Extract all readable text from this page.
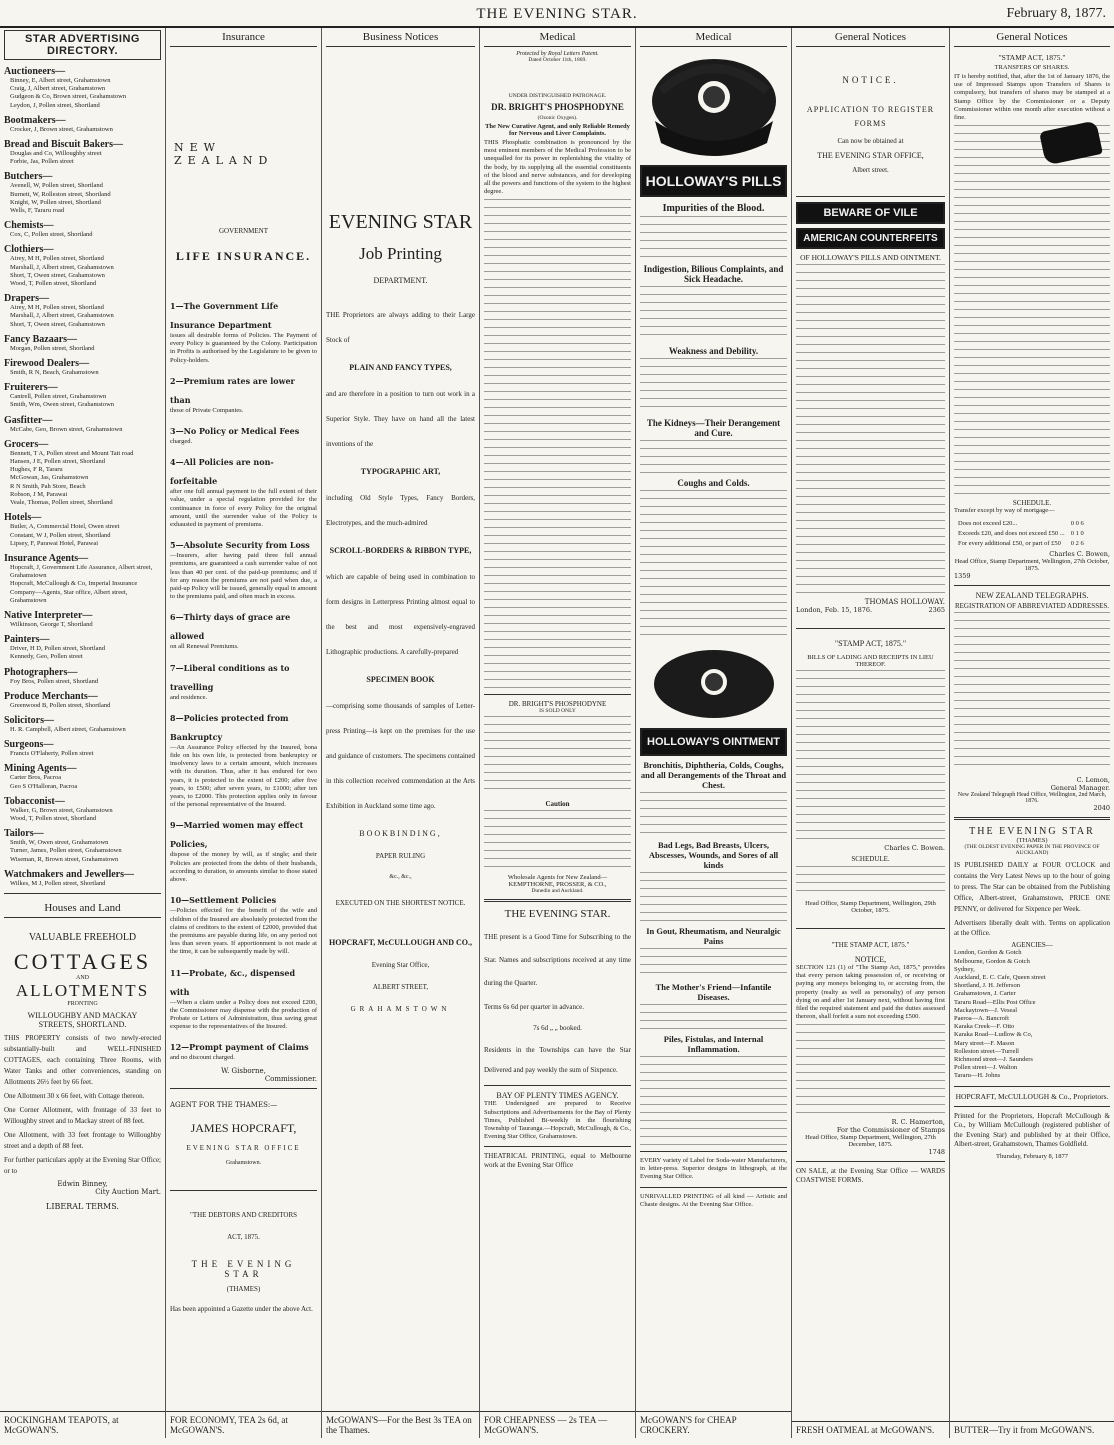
THE EVENING STAR.	February 8, 1877.
STAR ADVERTISING DIRECTORY.
Auctioneers—

Binney, E, Albert street, Grahamstown

Craig, J, Albert street, Grahamstown

Gudgeon & Co, Brown street, Grahamstown

Leydon, J, Pollen street, Shortland

Bootmakers—

Crocker, J, Brown street, Grahamstown

Bread and Biscuit Bakers—

Douglas and Co, Willoughby street

Forbie, Jas, Pollen street

Butchers—

Avenell, W, Pollen street, Shortland

Burnett, W, Rolleston street, Shortland

Knight, W, Pollen street, Shortland

Wells, F, Tararu road

Chemists—

Cox, C, Pollen street, Shortland

Clothiers—

Airey, M H, Pollen street, Shortland

Marshall, J, Albert street, Grahamstown

Short, T, Owen street, Grahamstown

Wood, T, Pollen street, Shortland

Drapers—

Airey, M H, Pollen street, Shortland

Marshall, J, Albert street, Grahamstown

Short, T, Owen street, Grahamstown

Fancy Bazaars—

Morgan, Pollen street, Shortland

Firewood Dealers—

Smith, R N, Beach, Grahamstown

Fruiterers—

Cantrell, Pollen street, Grahamstown

Smith, Wm, Owen street, Grahamstown

Gasfitter—

McCabe, Geo, Brown street, Grahamstown

Grocers—

Bennett, T A, Pollen street and Mount Tait road

Hansen, J E, Pollen street, Shortland

Hughes, F R, Tararu

McGowan, Jas, Grahamstown

R N Smith, Pah Store, Beach

Robson, J M, Parawai

Veale, Thomas, Pollen street, Shortland

Hotels—

Butler, A, Commercial Hotel, Owen street

Constant, W J, Pollen street, Shortland

Lipsey, F, Parawai Hotel, Parawai

Insurance Agents—

Hopcraft, J, Government Life Assurance, Albert street, Grahamstown

Hopcraft, McCullough & Co, Imperial Insurance Company—Agents, Star office, Albert street, Grahamstown

Native Interpreter—

Wilkinson, George T, Shortland

Painters—

Driver, H D, Pollen street, Shortland

Kennedy, Geo, Pollen street

Photographers—

Foy Bros, Pollen street, Shortland

Produce Merchants—

Greenwood B, Pollen street, Shortland

Solicitors—

H. R. Campbell, Albert street, Grahamstown

Surgeons—

Francis O'Flaherty, Pollen street

Mining Agents—

Carter Bros, Pacroa

Geo S O'Halloran, Pacroa

Tobacconist—

Walker, G, Brown street, Grahamstown

Wood, T, Pollen street, Shortland

Tailors—

Smith, W, Owen street, Grahamstown

Turner, James, Pollen street, Grahamstown

Wiseman, R, Brown street, Grahamstown

Watchmakers and Jewellers—

Wilkes, M J, Pollen street, Shortland

Houses and Land
VALUABLE FREEHOLD
COTTAGES
AND
ALLOTMENTS
FRONTING
WILLOUGHBY AND MACKAY STREETS, SHORTLAND.

THIS PROPERTY consists of two newly-erected substantially-built and WELL-FINISHED COTTAGES, each containing Three Rooms, with Water Tanks and other conveniences, standing on Allotments 26½ feet by 66 feet.

One Allotment 30 x 66 feet, with Cottage thereon.

One Corner Allotment, with frontage of 33 feet to Willoughby street and to Mackay street of 88 feet.

One Allotment, with 33 feet frontage to Willoughby street and a depth of 88 feet.

For further particulars apply at the Evening Star Office; or to

Edwin Binney,
City Auction Mart.
LIBERAL TERMS.
ROCKINGHAM TEAPOTS, at McGOWAN'S.
Insurance
NEW ZEALAND
GOVERNMENT
LIFE INSURANCE.
1—The Government Life Insurance Department
issues all desirable forms of Policies. The Payment of every Policy is guaranteed by the Colony. Participation in Profits is authorised by the Legislature to be given to Policy-holders.
2—Premium rates are lower than
those of Private Companies.
3—No Policy or Medical Fees
charged.
4—All Policies are non-forfeitable
after one full annual payment to the full extent of their value, under a special regulation provided for the continuance in force of every Policy for the original amount, until the surrender value of the Policy is exhausted in payment of premiums.
5—Absolute Security from Loss
—Insurers, after having paid three full annual premiums, are guaranteed a cash surrender value of not less than 40 per cent. of the paid-up premiums; and if for any reason the premiums are not paid when due, a paid-up Policy will be issued, generally equal in amount to the premiums paid, and often much in excess.
6—Thirty days of grace are allowed
on all Renewal Premiums.
7—Liberal conditions as to travelling
and residence.
8—Policies protected from Bankruptcy
—An Assurance Policy effected by the Insured, bona fide on his own life, is protected from bankruptcy or insolvency laws to a certain amount, which increases with its duration. Thus, after it has endured for two years, it is protected to the extent of £200; after five years, to £500; after seven years, to £1000; after ten years, to £2000. This protection applies only in favour of the personal representative of the Insured.
9—Married women may effect Policies,
dispose of the money by will, as if single; and their Policies are protected from the debts of their husbands, according to duration, to amounts similar to those stated above.
10—Settlement Policies
—Policies effected for the benefit of the wife and children of the Insured are absolutely protected from the claims of creditors to the extent of £2000, provided that the premiums are payable during life, on any period not less than seven years. If apportionment is not made at the time, it can be subsequently made by will.
11—Probate, &c., dispensed with
—When a claim under a Policy does not exceed £200, the Commissioner may dispense with the production of Probate or Letters of Administration, thus saving great expense to the representatives of the Insured.
12—Prompt payment of Claims
and no discount charged.
W. Gisborne,
Commissioner.
AGENT FOR THE THAMES:—
JAMES HOPCRAFT,
EVENING STAR OFFICE
Grahamstown.
"THE DEBTORS AND CREDITORS
ACT, 1875.
THE EVENING STAR
(THAMES)
Has been appointed a Gazette under the above Act.
FOR ECONOMY, TEA 2s 6d, at McGOWAN'S.
Business Notices
EVENING STAR
Job Printing
DEPARTMENT.
THE Proprietors are always adding to their Large Stock of
PLAIN AND FANCY TYPES,
and are therefore in a position to turn out work in a Superior Style. They have on hand all the latest inventions of the
TYPOGRAPHIC ART,
including Old Style Types, Fancy Borders, Electrotypes, and the much-admired
SCROLL-BORDERS & RIBBON TYPE,
which are capable of being used in combination to form designs in Letterpress Printing almost equal to the best and most expensively-engraved Lithographic productions. A carefully-prepared
SPECIMEN BOOK
—comprising some thousands of samples of Letter-press Printing—is kept on the premises for the use and guidance of customers. The specimens contained in this collection received commendation at the Arts Exhibition in Auckland some time ago.
BOOKBINDING,
PAPER RULING
&c., &c.,
EXECUTED ON THE SHORTEST NOTICE.
HOPCRAFT, McCULLOUGH AND CO.,
Evening Star Office,
ALBERT STREET,
GRAHAMSTOWN
McGOWAN'S—For the Best 3s TEA on the Thames.
Medical
Protected by Royal Letters Patent.
Dated October 11th, 1869.
UNDER DISTINGUISHED PATRONAGE.
DR. BRIGHT'S PHOSPHODYNE
(Ozonic Oxygen).
The New Curative Agent, and only Reliable Remedy for Nervous and Liver Complaints.

THIS Phosphatic combination is pronounced by the most eminent members of the Medical Profession to be unequalled for its power in replenishing the vitality of the body, by its supplying all the essential constituents of the blood and nerve substances, and for developing all the powers and functions of the system to the highest degree.

DR. BRIGHT'S PHOSPHODYNE
IS SOLD ONLY
Caution
Wholesale Agents for New Zealand—
KEMPTHORNE, PROSSER, & CO.,
Dunedin and Auckland.
THE EVENING STAR.
THE present is a Good Time for Subscribing to the Star. Names and subscriptions received at any time during the Quarter.
Terms 6s 6d per quarter in advance.
7s 6d „ „ booked.
Residents in the Townships can have the Star Delivered and pay weekly the sum of Sixpence.
BAY OF PLENTY TIMES AGENCY.

THE Undersigned are prepared to Receive Subscriptions and Advertisements for the Bay of Plenty Times, Published Bi-weekly in the flourishing Township of Tauranga.—Hopcraft, McCullough, & Co., Evening Star Office, Grahamstown.

THEATRICAL PRINTING, equal to Melbourne work at the Evening Star Office

FOR CHEAPNESS — 2s TEA — McGOWAN'S.
Medical
HOLLOWAY'S PILLS
Impurities of the Blood.
Indigestion, Bilious Complaints, and Sick Headache.
Weakness and Debility.
The Kidneys—Their Derangement and Cure.
Coughs and Colds.
HOLLOWAY'S OINTMENT
Bronchitis, Diphtheria, Colds, Coughs, and all Derangements of the Throat and Chest.
Bad Legs, Bad Breasts, Ulcers, Abscesses, Wounds, and Sores of all kinds
In Gout, Rheumatism, and Neuralgic Pains
The Mother's Friend—Infantile Diseases.
Piles, Fistulas, and Internal Inflammation.

EVERY variety of Label for Soda-water Manufacturers, in letter-press. Superior designs in lithograph, at the Evening Star Office.

UNRIVALLED PRINTING of all kind — Artistic and Chaste designs. At the Evening Star Office.

McGOWAN'S for CHEAP CROCKERY.
General Notices
NOTICE.
APPLICATION TO REGISTER FORMS
Can now be obtained at
THE EVENING STAR OFFICE,
Albert street.
BEWARE OF VILE
AMERICAN COUNTERFEITS
OF HOLLOWAY'S PILLS AND OINTMENT.
THOMAS HOLLOWAY.
London, Feb. 15, 1876.	2365
"STAMP ACT, 1875."
BILLS OF LADING AND RECEIPTS IN LIEU THEREOF.
Charles C. Bowen.
SCHEDULE.
Head Office, Stamp Department, Wellington, 29th October, 1875.
"THE STAMP ACT, 1875."
NOTICE,

SECTION 121 (1) of "The Stamp Act, 1875," provides that every person taking possession of, or receiving or paying any moneys belonging to, or accruing from, the property (realty as well as personalty) of any person dying on and after 1st January next, without having first filed the required statement and paid the duties assessed thereon, shall forfeit a sum not exceeding £500.

R. C. Hamerton,
For the Commissioner of Stamps
Head Office, Stamp Department, Wellington, 27th December, 1875.
1748

ON SALE, at the Evening Star Office — WARDS COASTWISE FORMS.

FRESH OATMEAL at McGOWAN'S.
General Notices
"STAMP ACT, 1875."
TRANSFERS OF SHARES.

IT is hereby notified, that, after the 1st of January 1876, the use of Impressed Stamps upon Transfers of Shares is compulsory, but transfers of shares may be stamped at a Stamp Office by the Commissioner or a Deputy Commissioner within one month after execution without a fine.

SCHEDULE.
Transfer except by way of mortgage—
Does not exceed £20...	0 0 6
Exceeds £20, and does not exceed £50 ...	0 1 0
For every additional £50, or part of £50	0 2 6
Charles C. Bowen,
Head Office, Stamp Department, Wellington, 27th October, 1875.
1359
NEW ZEALAND TELEGRAPHS.
REGISTRATION OF ABBREVIATED ADDRESSES.
C. Lemon,
General Manager.
New Zealand Telegraph Head Office, Wellington, 2nd March, 1876.
2040
THE EVENING STAR
(THAMES)
(THE OLDEST EVENING PAPER IN THE PROVINCE OF AUCKLAND)

IS PUBLISHED DAILY at FOUR O'CLOCK and contains the Very Latest News up to the hour of going to press. The Star can be obtained from the Publishing Office, Albert-street, Grahamstown, PRICE ONE PENNY, or delivered for Sixpence per Week.

Advertisers liberally dealt with. Terms on application at the Office.

AGENCIES—
London, Gordon & Gotch
Melbourne, Gordon & Gotch
Sydney,
Auckland, E. C. Cafe, Queen street
Shortland, J. H. Jefferson
Grahamstown, J. Carter
Tararu Road—Ellis Post Office
Mackaytown—J. Veseal
Paeroa—A. Bancroft
Karaka Creek—F. Otto
Karaka Road—Ludlow & Co,
Mary street—F. Mason
Rolleston street—Turrell
Richmond street—J. Saunders
Pollen street—J. Walton
Tararu—H. Johns
HOPCRAFT, McCULLOUGH & Co., Proprietors.

Printed for the Proprietors, Hopcraft McCullough & Co., by William McCullough (registered publisher of the Evening Star) and published by at their Office, Albert-street, Grahamstown, Thames Goldfield.

Thursday, February 8, 1877
BUTTER—Try it from McGOWAN'S.
